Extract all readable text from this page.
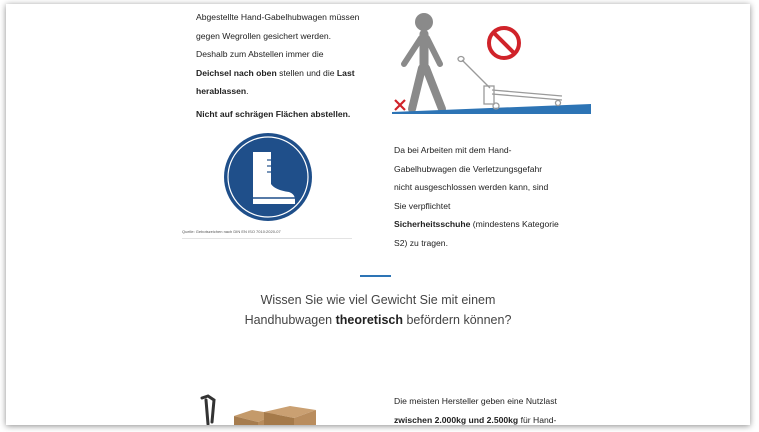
Abgestellte Hand-Gabelhubwagen müssen

gegen Wegrollen gesichert werden.

Deshalb zum Abstellen immer die

Deichsel nach oben stellen und die Last

herablassen.

Nicht auf schrägen Flächen abstellen.

Quelle: Gebotszeichen nach DIN EN ISO 7010:2020-07
Da bei Arbeiten mit dem Hand-
Gabelhubwagen die Verletzungsgefahr
nicht ausgeschlossen werden kann, sind
Sie verpflichtet
Sicherheitsschuhe (mindestens Kategorie
S2) zu tragen.
Wissen Sie wie viel Gewicht Sie mit einem
Handhubwagen theoretisch befördern können?
Die meisten Hersteller geben eine Nutzlast
zwischen 2.000kg und 2.500kg für Hand-
